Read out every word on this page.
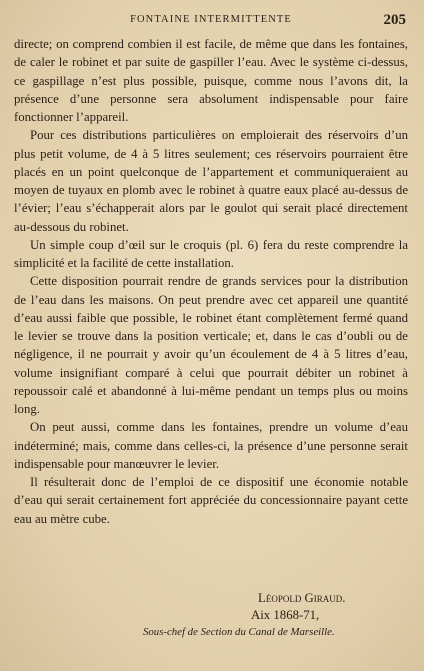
FONTAINE INTERMITTENTE	205

directe; on comprend combien il est facile, de même que dans les fontaines, de caler le robinet et par suite de gaspiller l’eau. Avec le système ci-dessus, ce gaspillage n’est plus possible, puisque, comme nous l’avons dit, la présence d’une personne sera absolument indispensable pour faire fonctionner l’appareil.

Pour ces distributions particulières on emploierait des réservoirs d’un plus petit volume, de 4 à 5 litres seulement; ces réservoirs pourraient être placés en un point quelconque de l’appartement et communiqueraient au moyen de tuyaux en plomb avec le robinet à quatre eaux placé au-dessus de l’évier; l’eau s’échapperait alors par le goulot qui serait placé directement au-dessous du robinet.

Un simple coup d’œil sur le croquis (pl. 6) fera du reste comprendre la simplicité et la facilité de cette installation.

Cette disposition pourrait rendre de grands services pour la distribution de l’eau dans les maisons. On peut prendre avec cet appareil une quantité d’eau aussi faible que possible, le robinet étant complètement fermé quand le levier se trouve dans la position verticale; et, dans le cas d’oubli ou de négligence, il ne pourrait y avoir qu’un écoulement de 4 à 5 litres d’eau, volume insignifiant comparé à celui que pourrait débiter un robinet à repoussoir calé et abandonné à lui-même pendant un temps plus ou moins long.

On peut aussi, comme dans les fontaines, prendre un volume d’eau indéterminé; mais, comme dans celles-ci, la présence d’une personne serait indispensable pour manœuvrer le levier.

Il résulterait donc de l’emploi de ce dispositif une économie notable d’eau qui serait certainement fort appréciée du concessionnaire payant cette eau au mètre cube.

Léopold Giraud.
Aix 1868-71,
Sous-chef de Section du Canal de Marseille.
